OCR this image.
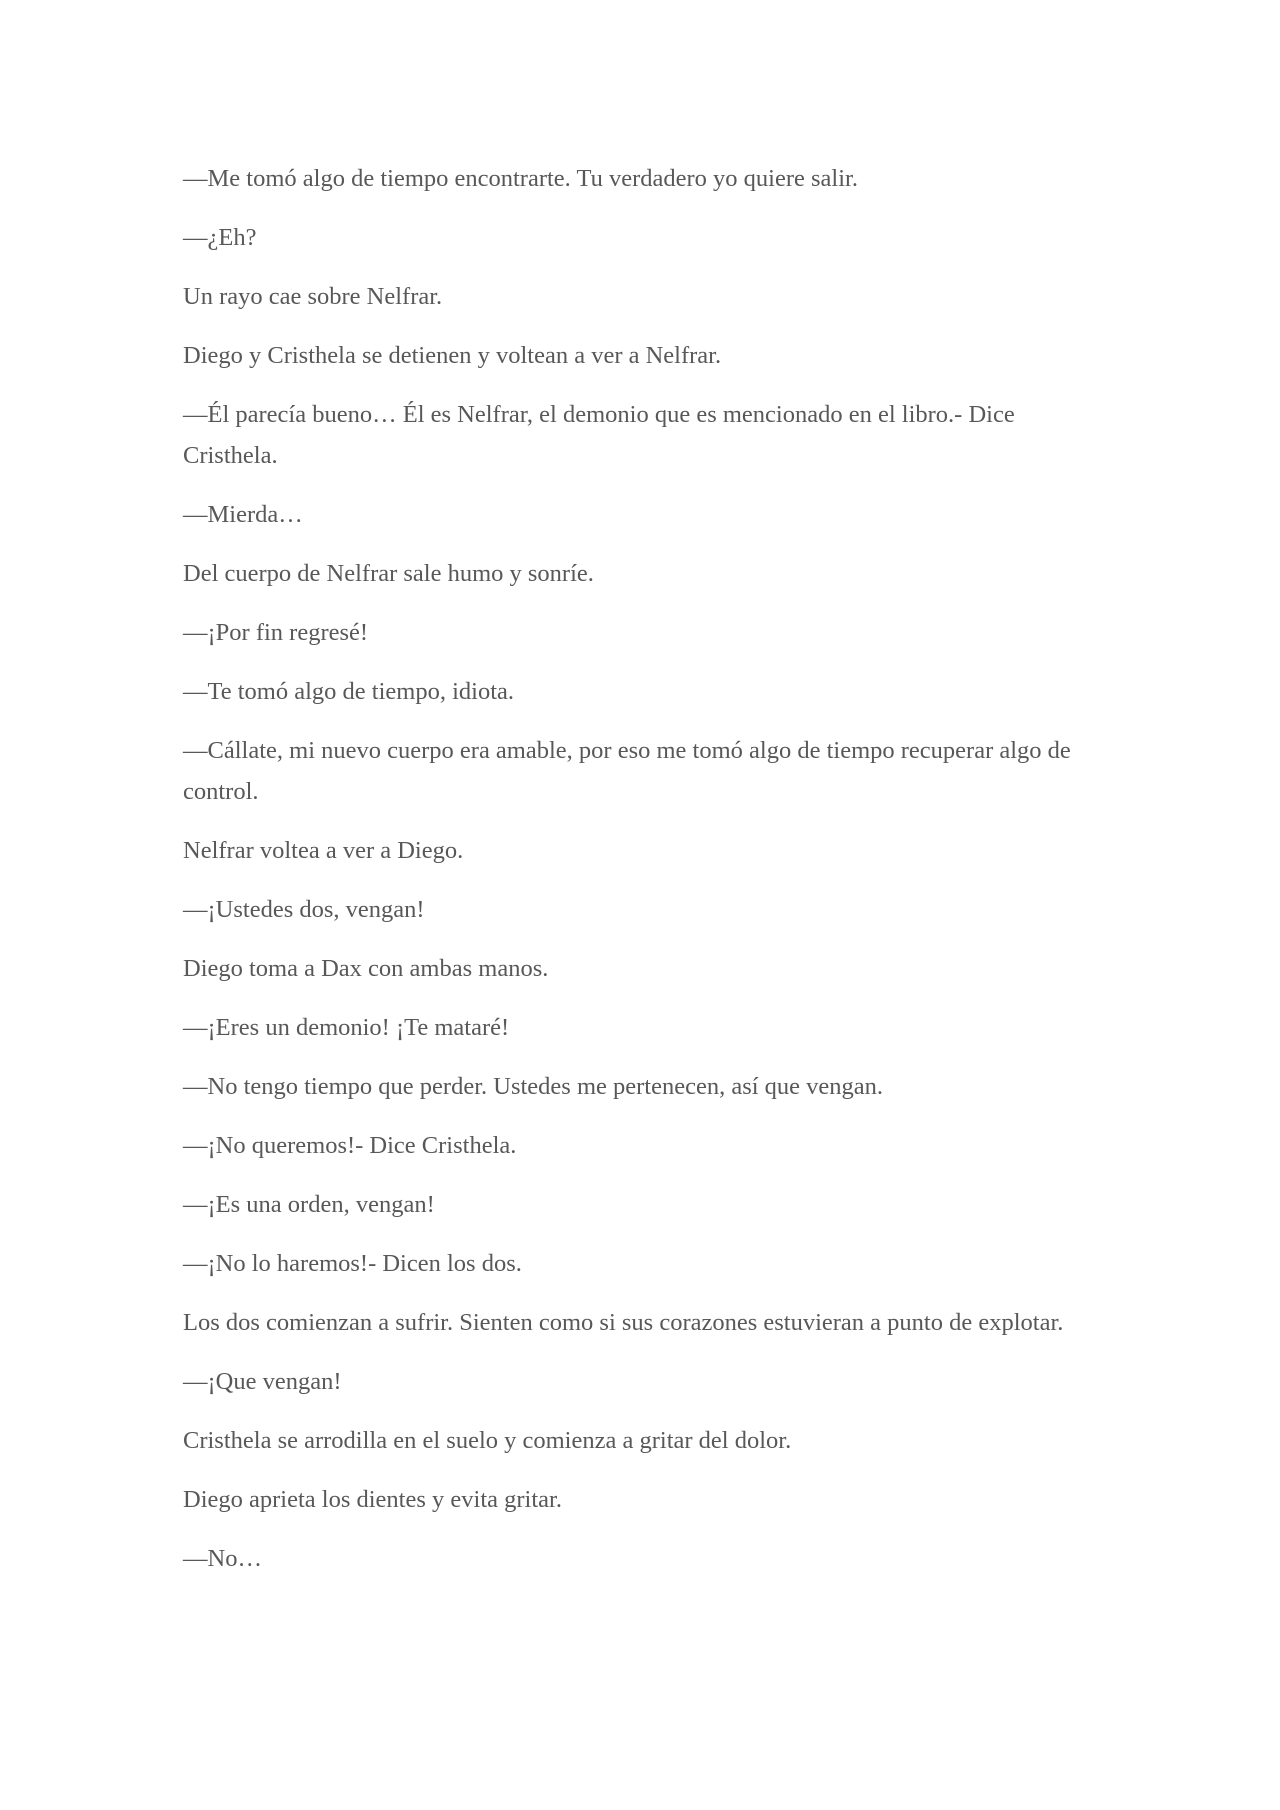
—Me tomó algo de tiempo encontrarte. Tu verdadero yo quiere salir.

—¿Eh?

Un rayo cae sobre Nelfrar.

Diego y Cristhela se detienen y voltean a ver a Nelfrar.

—Él parecía bueno… Él es Nelfrar, el demonio que es mencionado en el libro.- Dice Cristhela.

—Mierda…

Del cuerpo de Nelfrar sale humo y sonríe.

—¡Por fin regresé!

—Te tomó algo de tiempo, idiota.

—Cállate, mi nuevo cuerpo era amable, por eso me tomó algo de tiempo recuperar algo de control.

Nelfrar voltea a ver a Diego.

—¡Ustedes dos, vengan!

Diego toma a Dax con ambas manos.

—¡Eres un demonio! ¡Te mataré!

—No tengo tiempo que perder. Ustedes me pertenecen, así que vengan.

—¡No queremos!- Dice Cristhela.

—¡Es una orden, vengan!

—¡No lo haremos!- Dicen los dos.

Los dos comienzan a sufrir. Sienten como si sus corazones estuvieran a punto de explotar.

—¡Que vengan!

Cristhela se arrodilla en el suelo y comienza a gritar del dolor.

Diego aprieta los dientes y evita gritar.

—No…
